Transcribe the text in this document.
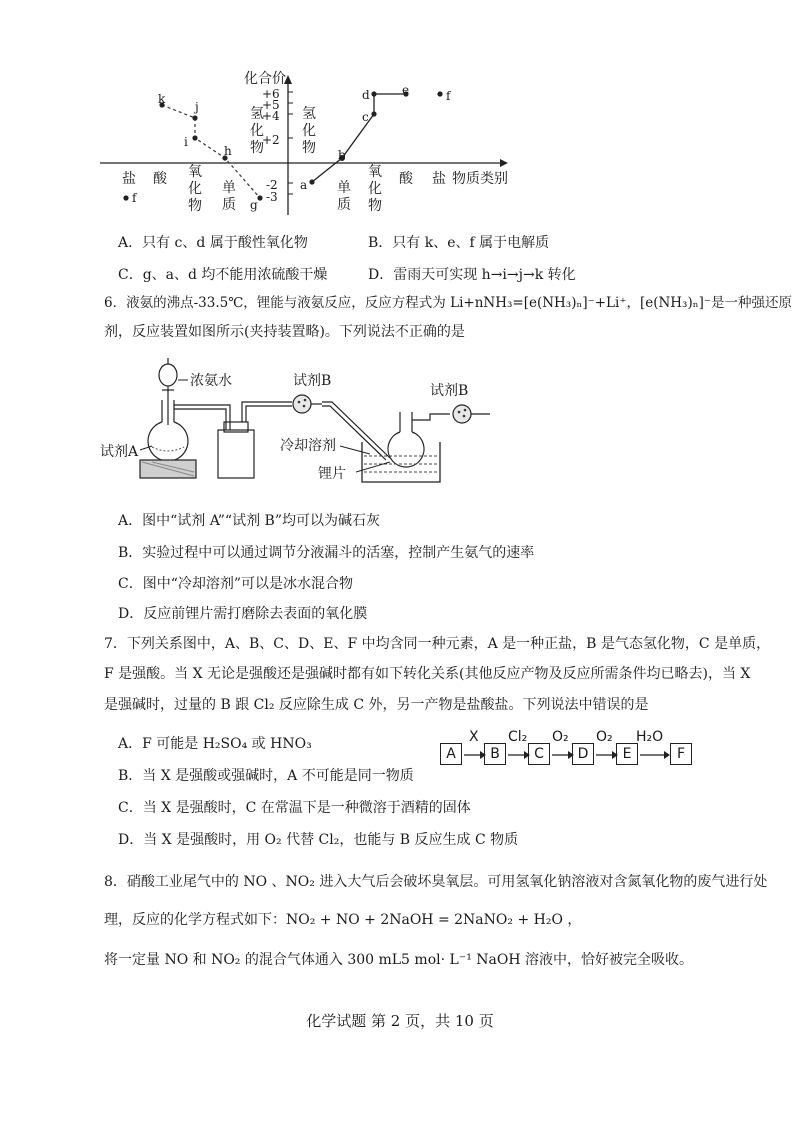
化合价
+6
+5
+4
+2
-2
-3
氢化物
氢化物
盐 酸 氧化物
单质
单质
氧化物
酸 盐 物质类别
k
j
i
h
g
f
a
b
c
d	e	f
A．只有 c、d 属于酸性氧化物	B．只有 k、e、f 属于电解质
C．g、a、d 均不能用浓硫酸干燥	D．雷雨天可实现 h→i→j→k 转化
6．液氨的沸点-33.5℃，锂能与液氨反应，反应方程式为 Li+nNH₃=[e(NH₃)ₙ]⁻+Li⁺，[e(NH₃)ₙ]⁻是一种强还原
剂，反应装置如图所示(夹持装置略)。下列说法不正确的是
浓氨水
试剂A
试剂B
试剂B
冷却溶剂
锂片
A．图中“试剂 A”“试剂 B”均可以为碱石灰
B．实验过程中可以通过调节分液漏斗的活塞，控制产生氨气的速率
C．图中“冷却溶剂”可以是冰水混合物
D．反应前锂片需打磨除去表面的氧化膜
7．下列关系图中，A、B、C、D、E、F 中均含同一种元素，A 是一种正盐，B 是气态氢化物，C 是单质，
F 是强酸。当 X 无论是强酸还是强碱时都有如下转化关系(其他反应产物及反应所需条件均已略去)，当 X
是强碱时，过量的 B 跟 Cl₂ 反应除生成 C 外，另一产物是盐酸盐。下列说法中错误的是
A	B	C	D	E	F
X Cl₂ O₂ O₂ H₂O
A．F 可能是 H₂SO₄ 或 HNO₃
B．当 X 是强酸或强碱时，A 不可能是同一物质
C．当 X 是强酸时，C 在常温下是一种微溶于酒精的固体
D．当 X 是强酸时，用 O₂ 代替 Cl₂，也能与 B 反应生成 C 物质
8．硝酸工业尾气中的 NO 、NO₂ 进入大气后会破坏臭氧层。可用氢氧化钠溶液对含氮氧化物的废气进行处
理，反应的化学方程式如下：NO₂ + NO + 2NaOH = 2NaNO₂ + H₂O ，
将一定量 NO 和 NO₂ 的混合气体通入 300 mL5 mol· L⁻¹ NaOH 溶液中，恰好被完全吸收。
化学试题 第 2 页，共 10 页
